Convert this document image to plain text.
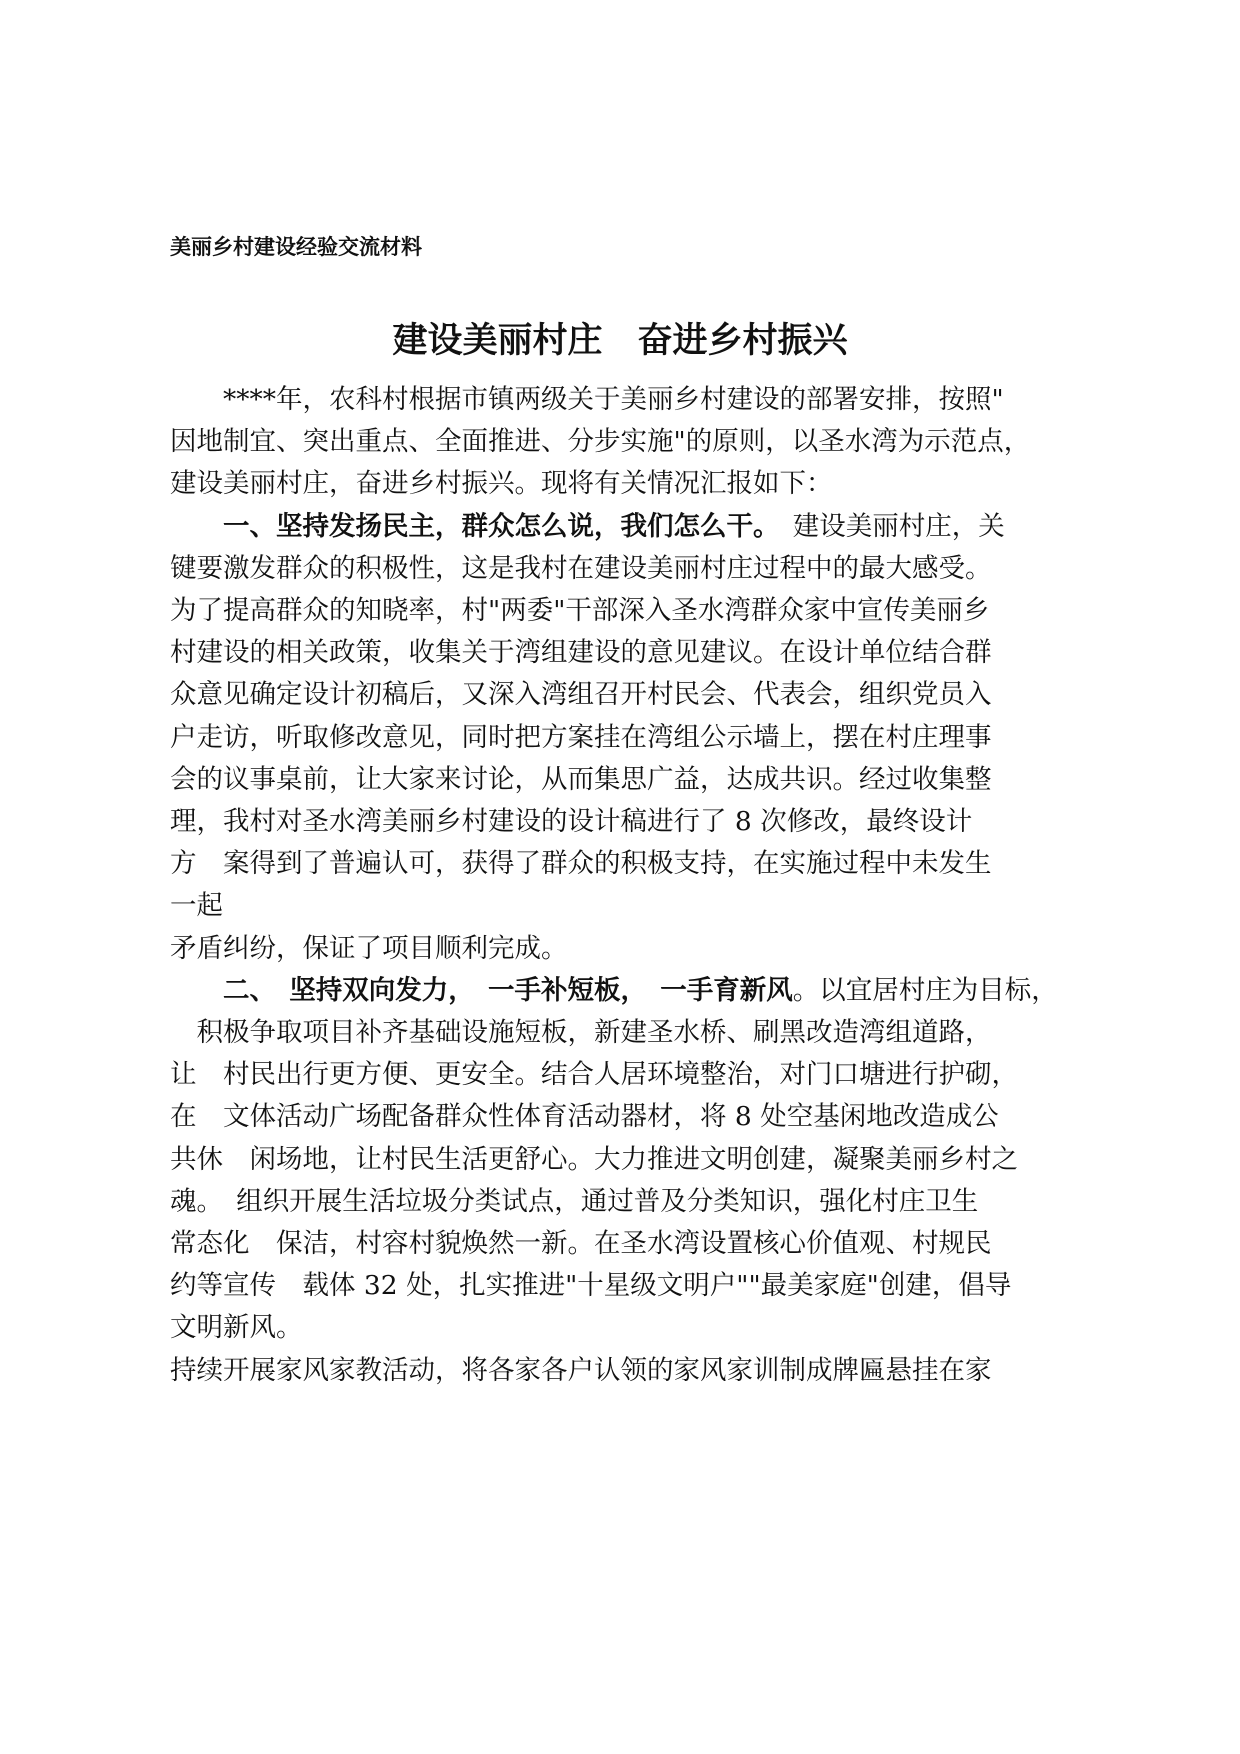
美丽乡村建设经验交流材料
建设美丽村庄　奋进乡村振兴
　　****年，农科村根据市镇两级关于美丽乡村建设的部署安排，按照"
因地制宜、突出重点、全面推进、分步实施"的原则，以圣水湾为示范点，
建设美丽村庄，奋进乡村振兴。现将有关情况汇报如下：
　　一、坚持发扬民主，群众怎么说，我们怎么干。　建设美丽村庄，关
键要激发群众的积极性，这是我村在建设美丽村庄过程中的最大感受。
为了提高群众的知晓率，村"两委"干部深入圣水湾群众家中宣传美丽乡
村建设的相关政策，收集关于湾组建设的意见建议。在设计单位结合群
众意见确定设计初稿后，又深入湾组召开村民会、代表会，组织党员入
户走访，听取修改意见，同时把方案挂在湾组公示墙上，摆在村庄理事
会的议事桌前，让大家来讨论，从而集思广益，达成共识。经过收集整
理，我村对圣水湾美丽乡村建设的设计稿进行了 8 次修改，最终设计
方　案得到了普遍认可，获得了群众的积极支持，在实施过程中未发生
一起
矛盾纠纷，保证了项目顺利完成。
　　二、　坚持双向发力，　一手补短板，　一手育新风。以宜居村庄为目标，
　积极争取项目补齐基础设施短板，新建圣水桥、刷黑改造湾组道路，
让　村民出行更方便、更安全。结合人居环境整治，对门口塘进行护砌，
在　文体活动广场配备群众性体育活动器材，将 8 处空基闲地改造成公
共休　闲场地，让村民生活更舒心。大力推进文明创建，凝聚美丽乡村之
魂。　组织开展生活垃圾分类试点，通过普及分类知识，强化村庄卫生
常态化　保洁，村容村貌焕然一新。在圣水湾设置核心价值观、村规民
约等宣传　载体 32 处，扎实推进"十星级文明户""最美家庭"创建，倡导
文明新风。
持续开展家风家教活动，将各家各户认领的家风家训制成牌匾悬挂在家
